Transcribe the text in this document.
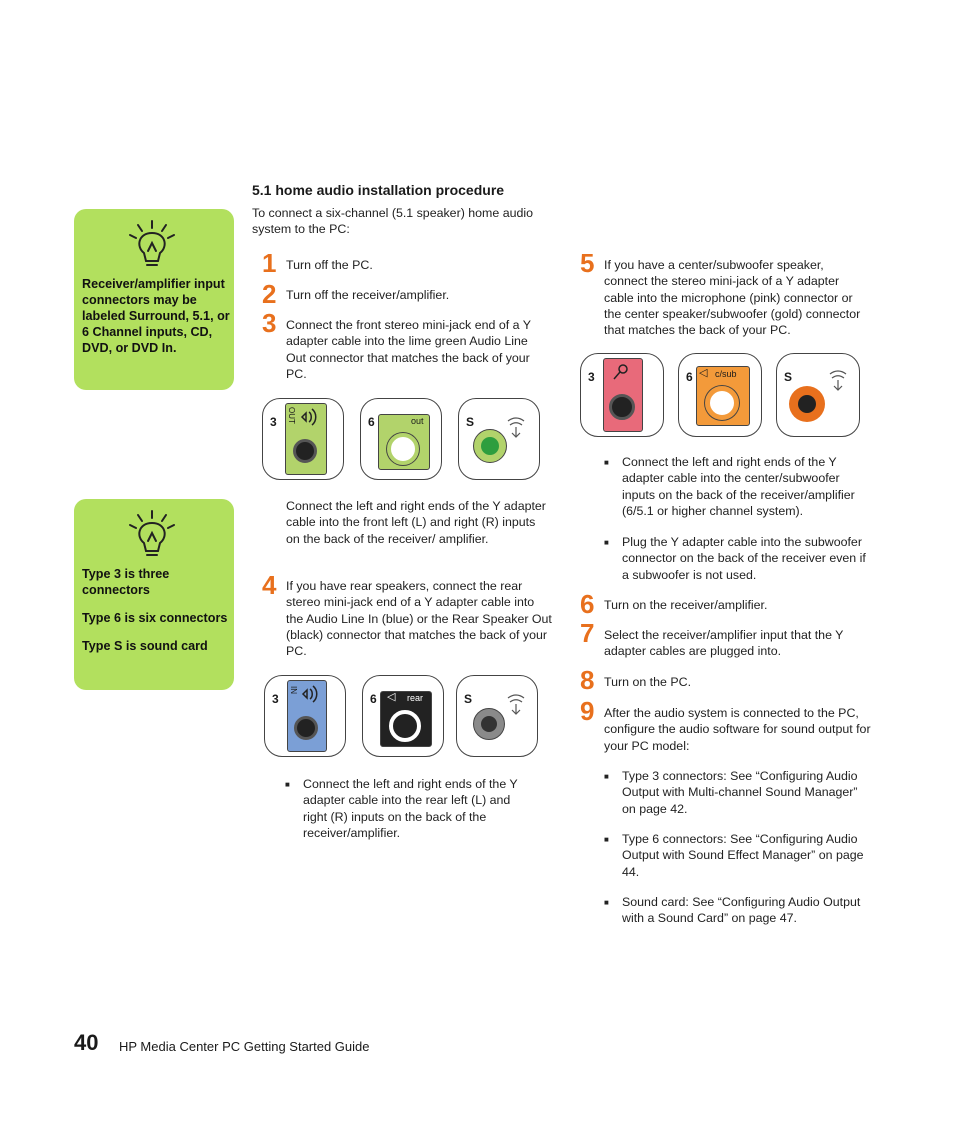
Receiver/amplifier input connectors may be labeled Surround, 5.1, or 6 Channel inputs, CD, DVD, or DVD In.

Type 3 is three connectors

Type 6 is six connectors

Type S is sound card

5.1 home audio installation procedure
To connect a six-channel (5.1 speaker) home audio system to the PC:
1 Turn off the PC.
2 Turn off the receiver/amplifier.
3 Connect the front stereo mini-jack end of a Y adapter cable into the lime green Audio Line Out connector that matches the back of your PC.
3 OUT	6	out	S
Connect the left and right ends of the Y adapter cable into the front left (L) and right (R) inputs on the back of the receiver/ amplifier.
4 If you have rear speakers, connect the rear stereo mini-jack end of a Y adapter cable into the Audio Line In (blue) or the Rear Speaker Out (black) connector that matches the back of your PC.
3
IN
6 ◁ rear	S
■ Connect the left and right ends of the Y adapter cable into the rear left (L) and right (R) inputs on the back of the receiver/amplifier.
5 If you have a center/subwoofer speaker, connect the stereo mini-jack of a Y adapter cable into the microphone (pink) connector or the center speaker/subwoofer (gold) connector that matches the back of your PC.
3	6 ◁ c/sub	S
■ Connect the left and right ends of the Y adapter cable into the center/subwoofer inputs on the back of the receiver/amplifier (6/5.1 or higher channel system).
■ Plug the Y adapter cable into the subwoofer connector on the back of the receiver even if a subwoofer is not used.
6 Turn on the receiver/amplifier.
7 Select the receiver/amplifier input that the Y adapter cables are plugged into.
8 Turn on the PC.
9 After the audio system is connected to the PC, configure the audio software for sound output for your PC model:
■ Type 3 connectors: See “Configuring Audio Output with Multi-channel Sound Manager” on page 42.
■ Type 6 connectors: See “Configuring Audio Output with Sound Effect Manager” on page 44.
■ Sound card: See “Configuring Audio Output with a Sound Card” on page 47.
40 HP Media Center PC Getting Started Guide
